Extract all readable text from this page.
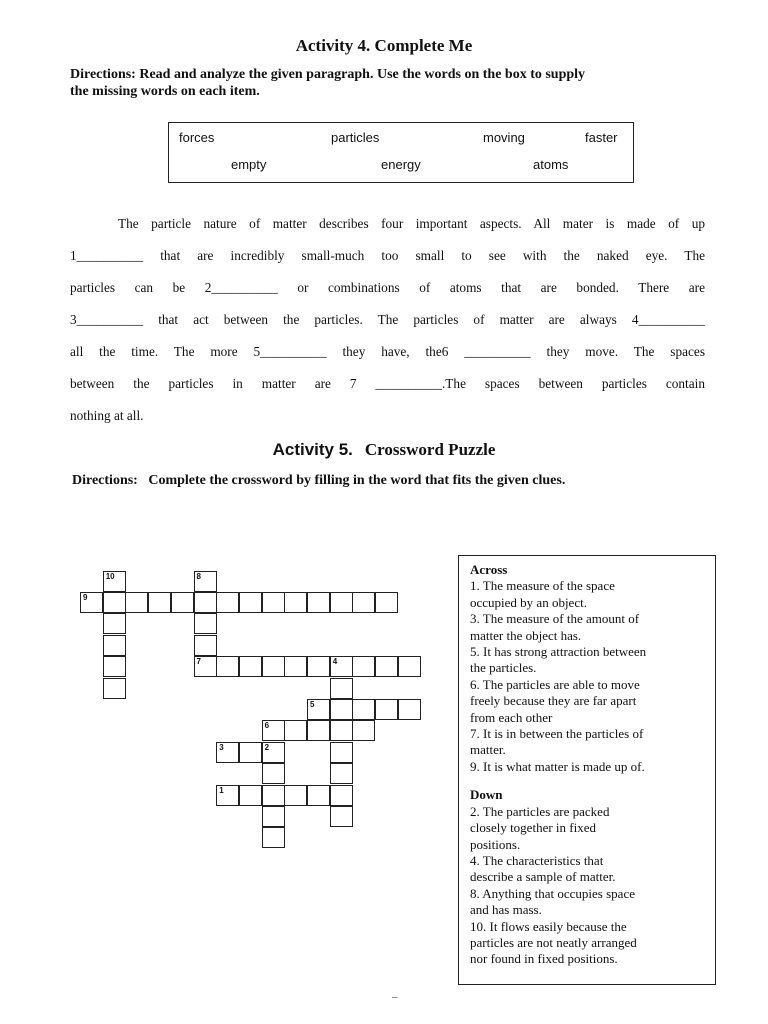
Activity 4. Complete Me
Directions: Read and analyze the given paragraph. Use the words on the box to supply
the missing words on each item.
forces	particles	moving	faster
empty	energy	atoms
The particle nature of matter describes four important aspects. All mater is made of up
1__________ that are incredibly small-much too small to see with the naked eye. The
particles can be 2__________ or combinations of atoms that are bonded. There are
3__________ that act between the particles. The particles of matter are always 4__________
all the time. The more 5__________ they have, the6 __________ they move. The spaces
between the particles in matter are 7 __________.The spaces between particles contain
nothing at all.
Activity 5. Crossword Puzzle
Directions:   Complete the crossword by filling in the word that fits the given clues.
9
7	4
5
6
3
1
10	8
2
Across

1. The measure of the space

occupied by an object.

3. The measure of the amount of

matter the object has.

5. It has strong attraction between

the particles.

6. The particles are able to move

freely because they are far apart

from each other

7. It is in between the particles of

matter.

9. It is what matter is made up of.

Down

2. The particles are packed

closely together in fixed

positions.

4. The characteristics that

describe a sample of matter.

8. Anything that occupies space

and has mass.

10. It flows easily because the

particles are not neatly arranged

nor found in fixed positions.

–
